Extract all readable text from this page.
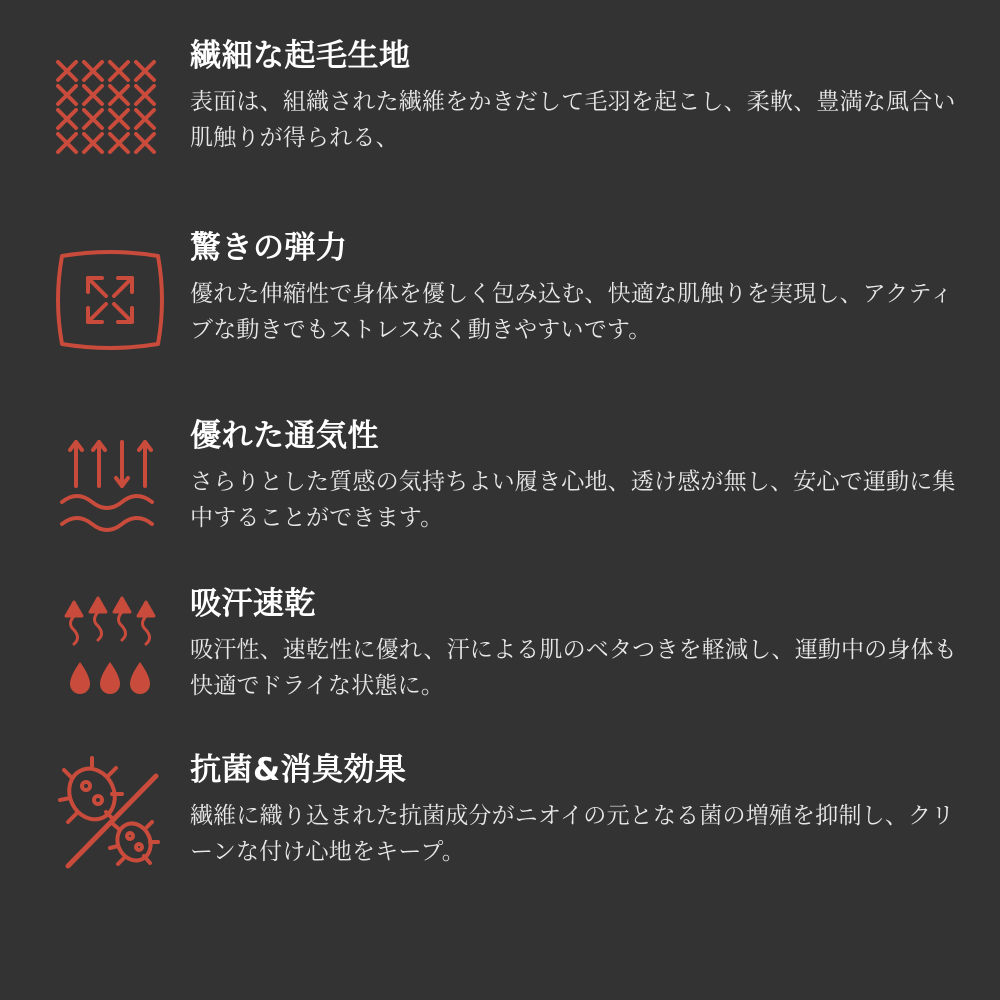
繊細な起毛生地

表面は、組織された繊維をかきだして毛羽を起こし、柔軟、豊満な風合い肌触りが得られる、

驚きの弾力

優れた伸縮性で身体を優しく包み込む、快適な肌触りを実現し、アクティブな動きでもストレスなく動きやすいです。

優れた通気性

さらりとした質感の気持ちよい履き心地、透け感が無し、安心で運動に集中することができます。

吸汗速乾

吸汗性、速乾性に優れ、汗による肌のベタつきを軽減し、運動中の身体も快適でドライな状態に。

抗菌&消臭効果

繊維に織り込まれた抗菌成分がニオイの元となる菌の増殖を抑制し、クリーンな付け心地をキープ。
